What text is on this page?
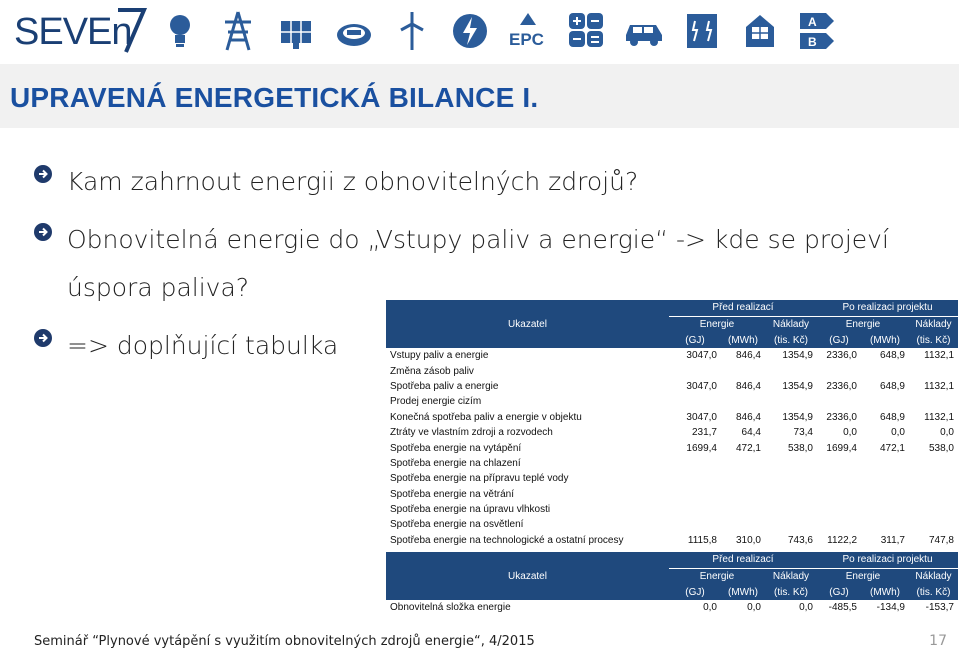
SEVEn	EPC
A
B
UPRAVENÁ ENERGETICKÁ BILANCE I.
Kam zahrnout energii z obnovitelných zdrojů?
Obnovitelná energie do „Vstupy paliv a energie“ -> kde se projeví úspora paliva?
=> doplňující tabulka
Ukazatel	Před realizací			Po realizaci projektu		
	Energie		Náklady	Energie		Náklady
	(GJ)	(MWh)	(tis. Kč)	(GJ)	(MWh)	(tis. Kč)
Vstupy paliv a energie	3047,0	846,4	1354,9	2336,0	648,9	1132,1
Změna zásob paliv						
Spotřeba paliv a energie	3047,0	846,4	1354,9	2336,0	648,9	1132,1
Prodej energie cizím						
Konečná spotřeba paliv a energie v objektu	3047,0	846,4	1354,9	2336,0	648,9	1132,1
Ztráty ve vlastním zdroji a rozvodech	231,7	64,4	73,4	0,0	0,0	0,0
Spotřeba energie na vytápění	1699,4	472,1	538,0	1699,4	472,1	538,0
Spotřeba energie na chlazení						
Spotřeba energie na přípravu teplé vody						
Spotřeba energie na větrání						
Spotřeba energie na úpravu vlhkosti						
Spotřeba energie na osvětlení						
Spotřeba energie na technologické a ostatní procesy	1115,8	310,0	743,6	1122,2	311,7	747,8
Ukazatel	Před realizací			Po realizaci projektu		
	Energie		Náklady	Energie		Náklady
	(GJ)	(MWh)	(tis. Kč)	(GJ)	(MWh)	(tis. Kč)
Obnovitelná složka energie	0,0	0,0	0,0	-485,5	-134,9	-153,7
Seminář “Plynové vytápění s využitím obnovitelných zdrojů energie“, 4/2015	17
